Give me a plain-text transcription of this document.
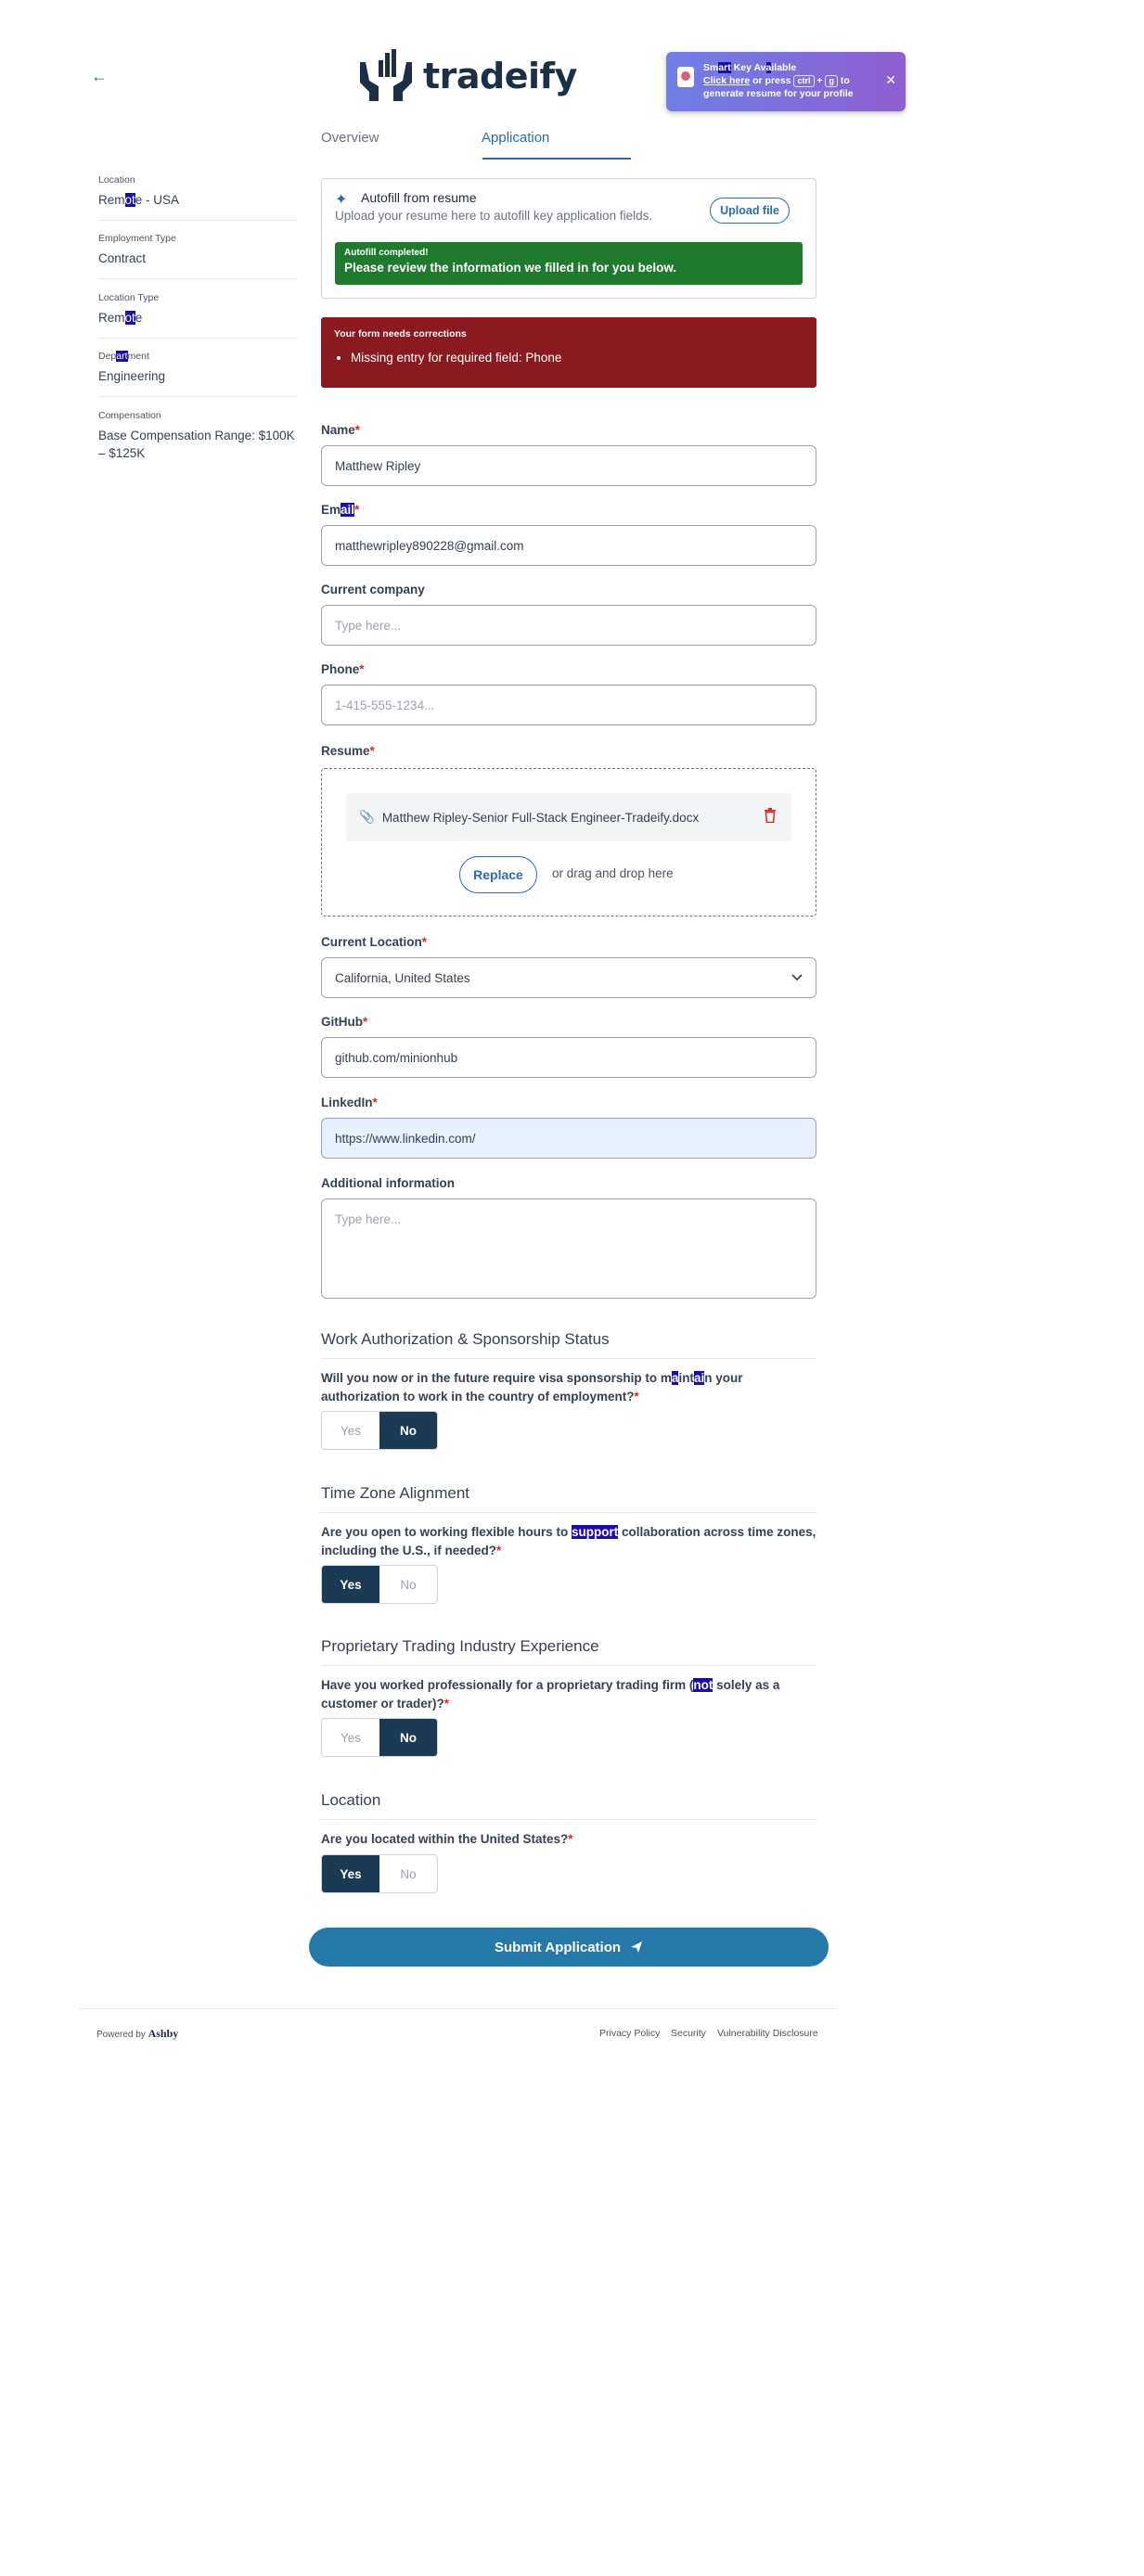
←	tradeify	Smart Key Available
Click here or press ctrl + g to
generate resume for your profile
✕
Overview	Application
Location
Remote - USA
Employment Type
Contract
Location Type
Remote
Department
Engineering
Compensation
Base Compensation Range: $100K – $125K
✦ Autofill from resume
Upload your resume here to autofill key application fields.	Upload file
Autofill completed!
Please review the information we filled in for you below.
Your form needs corrections
• Missing entry for required field: Phone
Name*
Matthew Ripley
Email*
matthewripley890228@gmail.com
Current company
Type here...
Phone*
1-415-555-1234...
Resume*
📎 Matthew Ripley-Senior Full-Stack Engineer-Tradeify.docx
Replace	or drag and drop here
Current Location*
California, United States
GitHub*
github.com/minionhub
LinkedIn*
https://www.linkedin.com/
Additional information
Type here...
Work Authorization & Sponsorship Status
Will you now or in the future require visa sponsorship to maintain your authorization to work in the country of employment?*
Yes	No
Time Zone Alignment
Are you open to working flexible hours to support collaboration across time zones, including the U.S., if needed?*
Yes	No
Proprietary Trading Industry Experience
Have you worked professionally for a proprietary trading firm (not solely as a customer or trader)?*
Yes	No
Location
Are you located within the United States?*
Yes	No
Submit Application
Powered by Ashby	Privacy Policy Security Vulnerability Disclosure
